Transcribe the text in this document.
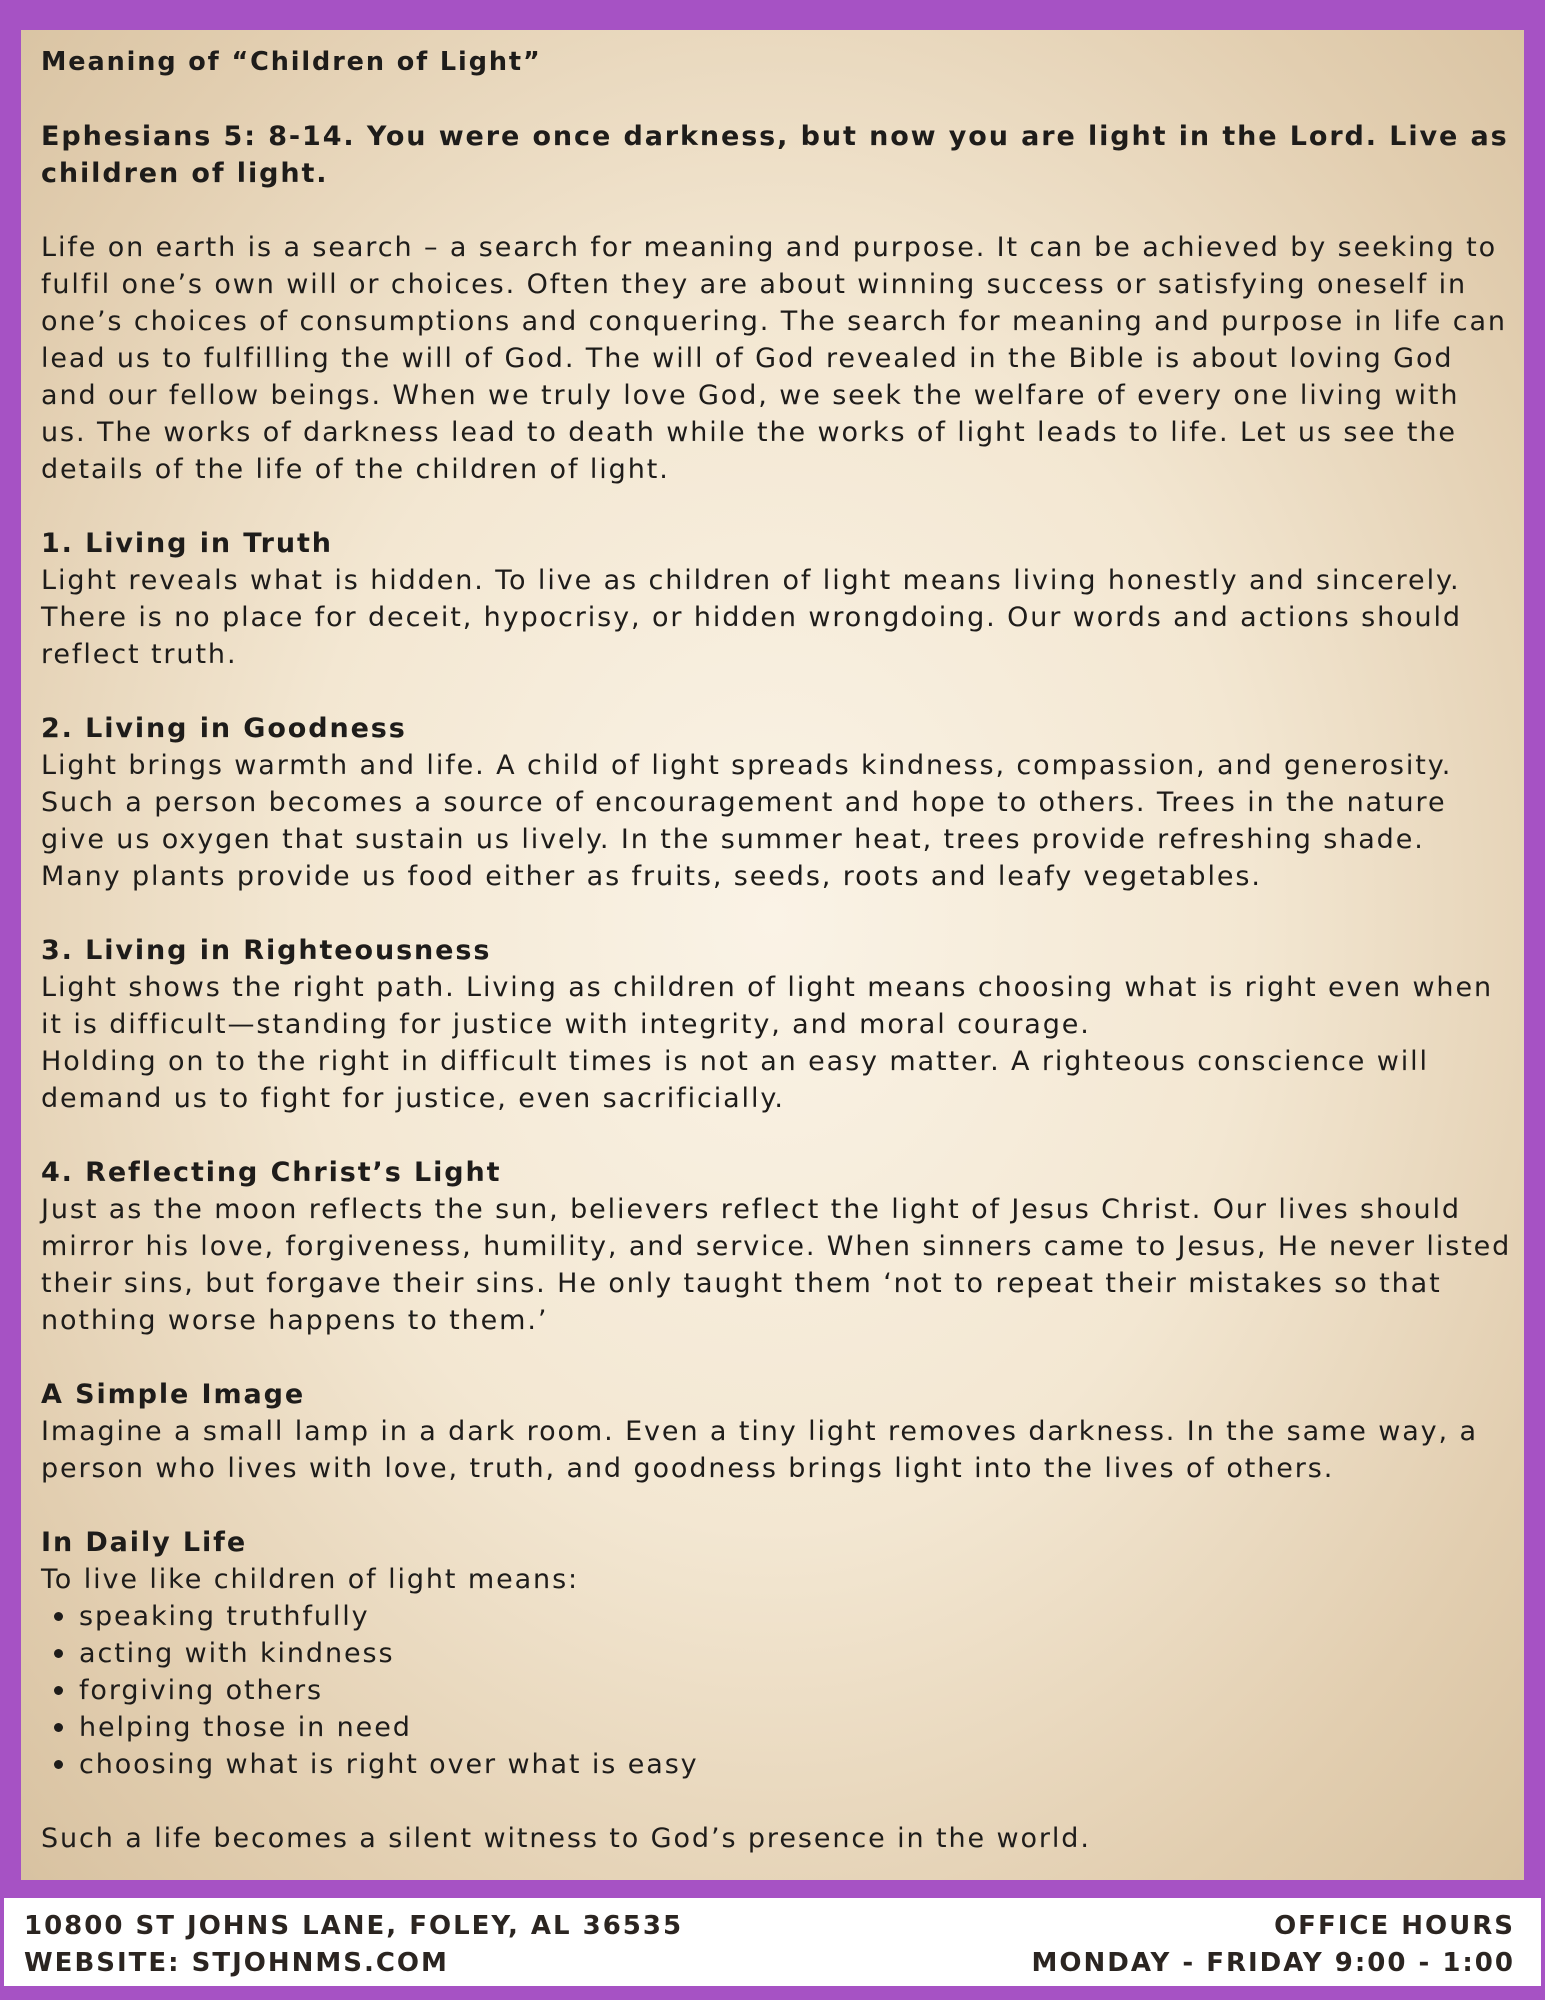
Meaning of “Children of Light”

Ephesians 5: 8-14. You were once darkness, but now you are light in the Lord. Live as children of light.

Life on earth is a search – a search for meaning and purpose. It can be achieved by seeking to fulfil one’s own will or choices. Often they are about winning success or satisfying oneself in one’s choices of consumptions and conquering. The search for meaning and purpose in life can lead us to fulfilling the will of God. The will of God revealed in the Bible is about loving God and our fellow beings. When we truly love God, we seek the welfare of every one living with us. The works of darkness lead to death while the works of light leads to life. Let us see the details of the life of the children of light.

1. Living in Truth

Light reveals what is hidden. To live as children of light means living honestly and sincerely. There is no place for deceit, hypocrisy, or hidden wrongdoing. Our words and actions should reflect truth.

2. Living in Goodness

Light brings warmth and life. A child of light spreads kindness, compassion, and generosity. Such a person becomes a source of encouragement and hope to others. Trees in the nature give us oxygen that sustain us lively. In the summer heat, trees provide refreshing shade. Many plants provide us food either as fruits, seeds, roots and leafy vegetables.

3. Living in Righteousness

Light shows the right path. Living as children of light means choosing what is right even when it is difficult—standing for justice with integrity, and moral courage.

Holding on to the right in difficult times is not an easy matter. A righteous conscience will demand us to fight for justice, even sacrificially.

4. Reflecting Christ’s Light

Just as the moon reflects the sun, believers reflect the light of Jesus Christ. Our lives should mirror his love, forgiveness, humility, and service. When sinners came to Jesus, He never listed their sins, but forgave their sins. He only taught them ‘not to repeat their mistakes so that nothing worse happens to them.’

A Simple Image

Imagine a small lamp in a dark room. Even a tiny light removes darkness. In the same way, a person who lives with love, truth, and goodness brings light into the lives of others.

In Daily Life

To live like children of light means:

speaking truthfully
acting with kindness
forgiving others
helping those in need
choosing what is right over what is easy

Such a life becomes a silent witness to God’s presence in the world.

10800 ST JOHNS LANE, FOLEY, AL 36535
WEBSITE: STJOHNMS.COM
OFFICE HOURS
MONDAY - FRIDAY 9:00 - 1:00
